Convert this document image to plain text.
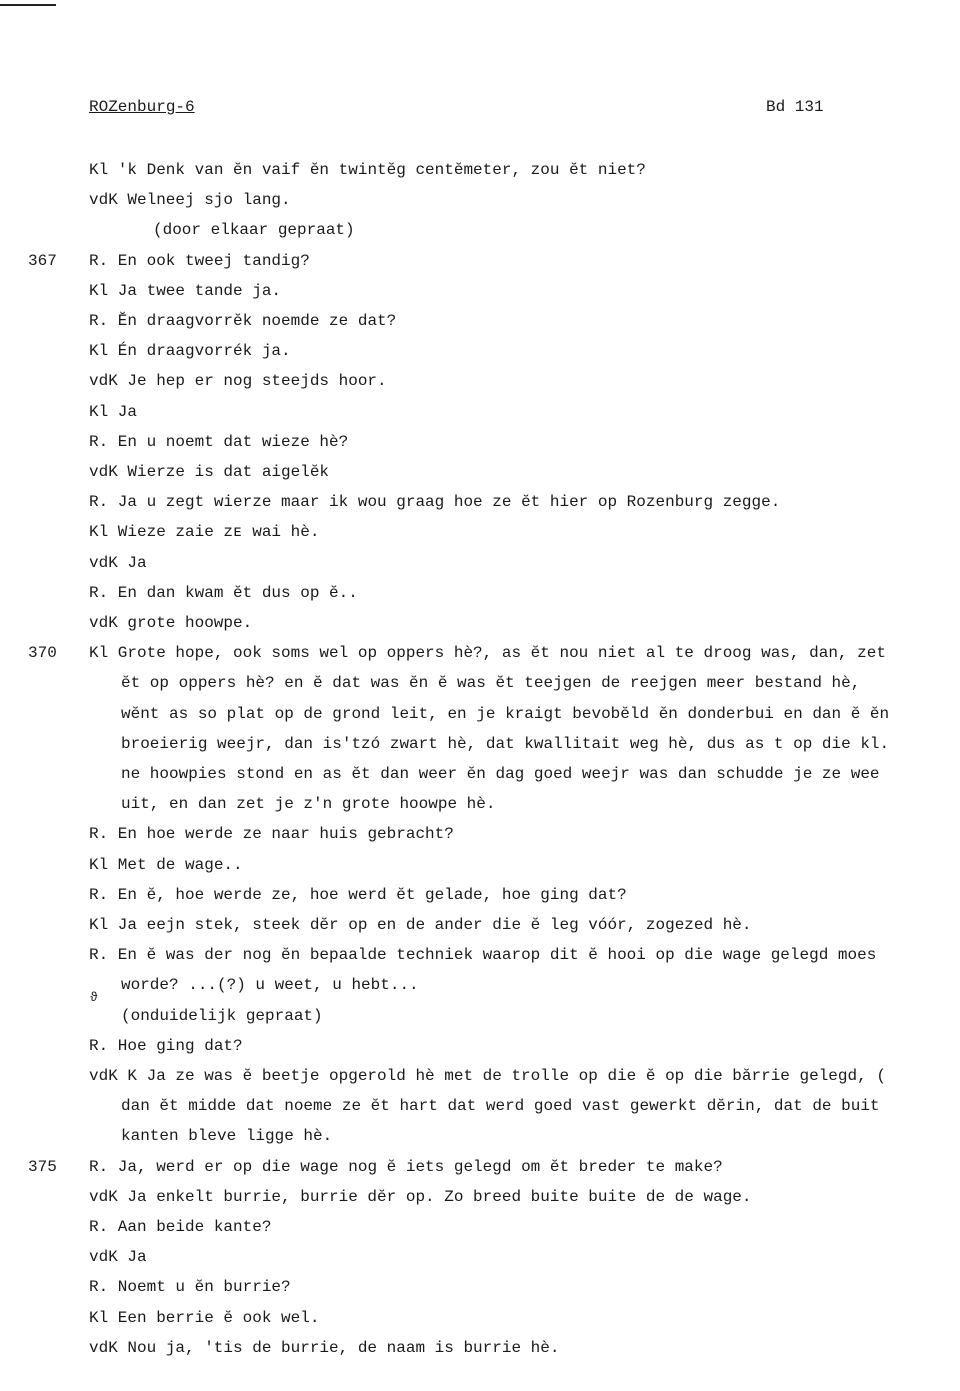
ROZenburg-6	Bd 131
ϑ
Kl 'k Denk van ĕn vaif ĕn twintĕg centĕmeter, zou ĕt niet?
vdK Welneej sjo lang.
(door elkaar gepraat)
367 R. En ook tweej tandig?
Kl Ja twee tande ja.
R. Ĕn draagvorrĕk noemde ze dat?
Kl Én draagvorrék ja.
vdK Je hep er nog steejds hoor.
Kl Ja
R. En u noemt dat wieze hè?
vdK Wierze is dat aigelĕk
R. Ja u zegt wierze maar ik wou graag hoe ze ĕt hier op Rozenburg zegge.
Kl Wieze zaie ᴢᴇ wai hè.
vdK Ja
R. En dan kwam ĕt dus op ĕ..
vdK grote hoowpe.
370 Kl Grote hope, ook soms wel op oppers hè?, as ĕt nou niet al te droog was, dan, zet
ĕt op oppers hè? en ĕ dat was ĕn ĕ was ĕt teejgen de reejgen meer bestand hè,
wĕnt as so plat op de grond leit, en je kraigt bevobĕld ĕn donderbui en dan ĕ ĕn
broeierig weejr, dan is'tzó zwart hè, dat kwallitait weg hè, dus as t op die kl.
ne hoowpies stond en as ĕt dan weer ĕn dag goed weejr was dan schudde je ze wee
uit, en dan zet je z'n grote hoowpe hè.
R. En hoe werde ze naar huis gebracht?
Kl Met de wage..
R. En ĕ, hoe werde ze, hoe werd ĕt gelade, hoe ging dat?
Kl Ja eejn stek, steek dĕr op en de ander die ĕ leg vóór, zogezed hè.
R. En ĕ was der nog ĕn bepaalde techniek waarop dit ĕ hooi op die wage gelegd moes
worde? ...(?) u weet, u hebt...
(onduidelijk gepraat)
R. Hoe ging dat?
vdK K Ja ze was ĕ beetje opgerold hè met de trolle op die ĕ op die bărrie gelegd, (
dan ĕt midde dat noeme ze ĕt hart dat werd goed vast gewerkt dĕrin, dat de buit
kanten bleve ligge hè.
375 R. Ja, werd er op die wage nog ĕ iets gelegd om ĕt breder te make?
vdK Ja enkelt burrie, burrie dĕr op. Zo breed buite buite de de wage.
R. Aan beide kante?
vdK Ja
R. Noemt u ĕn burrie?
Kl Een berrie ĕ ook wel.
vdK Nou ja, 'tis de burrie, de naam is burrie hè.
